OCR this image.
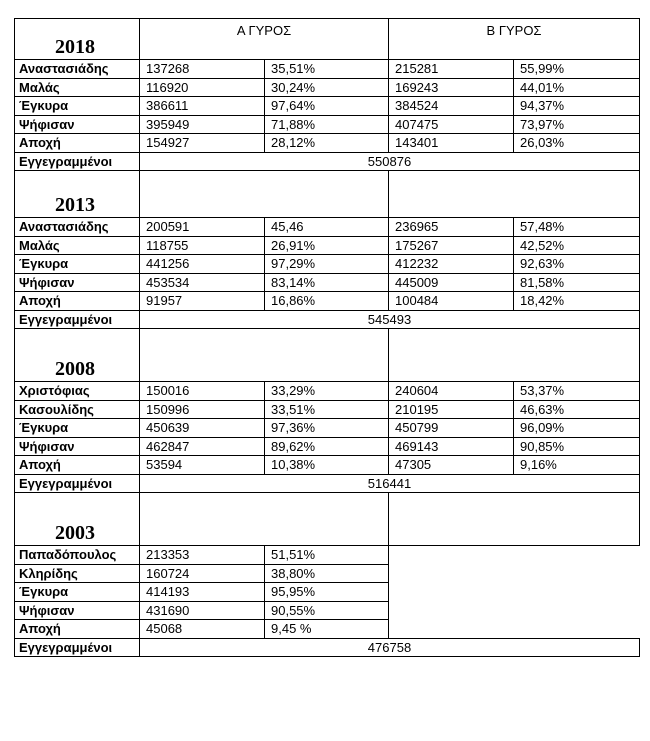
2018	Α ΓΥΡΟΣ		Β ΓΥΡΟΣ	
Αναστασιάδης	137268	35,51%	215281	55,99%
Μαλάς	116920	30,24%	169243	44,01%
Έγκυρα	386611	97,64%	384524	94,37%
Ψήφισαν	395949	71,88%	407475	73,97%
Αποχή	154927	28,12%	143401	26,03%
Εγγεγραμμένοι	550876			
2013				
Αναστασιάδης	200591	45,46	236965	57,48%
Μαλάς	118755	26,91%	175267	42,52%
Έγκυρα	441256	97,29%	412232	92,63%
Ψήφισαν	453534	83,14%	445009	81,58%
Αποχή	91957	16,86%	100484	18,42%
Εγγεγραμμένοι	545493			
2008				
Χριστόφιας	150016	33,29%	240604	53,37%
Κασουλίδης	150996	33,51%	210195	46,63%
Έγκυρα	450639	97,36%	450799	96,09%
Ψήφισαν	462847	89,62%	469143	90,85%
Αποχή	53594	10,38%	47305	9,16%
Εγγεγραμμένοι	516441			
2003				
Παπαδόπουλος	213353	51,51%		
Κληρίδης	160724	38,80%		
Έγκυρα	414193	95,95%		
Ψήφισαν	431690	90,55%		
Αποχή	45068	9,45 %		
Εγγεγραμμένοι	476758			
